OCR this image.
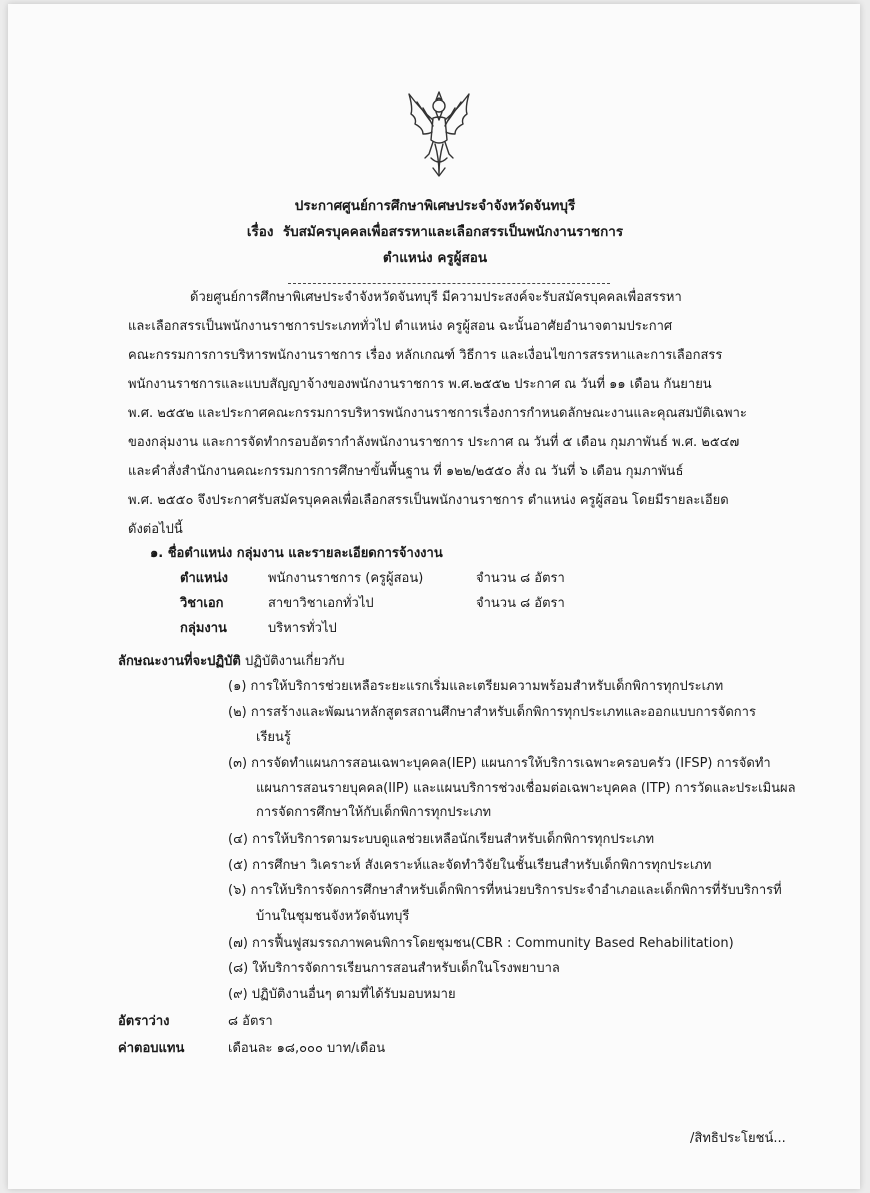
ประกาศศูนย์การศึกษาพิเศษประจำจังหวัดจันทบุรี
เรื่อง รับสมัครบุคคลเพื่อสรรหาและเลือกสรรเป็นพนักงานราชการ
ตำแหน่ง ครูผู้สอน
ด้วยศูนย์การศึกษาพิเศษประจำจังหวัดจันทบุรี มีความประสงค์จะรับสมัครบุคคลเพื่อสรรหา
และเลือกสรรเป็นพนักงานราชการประเภททั่วไป ตำแหน่ง ครูผู้สอน ฉะนั้นอาศัยอำนาจตามประกาศ
คณะกรรมการการบริหารพนักงานราชการ เรื่อง หลักเกณฑ์ วิธีการ และเงื่อนไขการสรรหาและการเลือกสรร
พนักงานราชการและแบบสัญญาจ้างของพนักงานราชการ พ.ศ.๒๕๕๒ ประกาศ ณ วันที่ ๑๑ เดือน กันยายน
พ.ศ. ๒๕๕๒ และประกาศคณะกรรมการบริหารพนักงานราชการเรื่องการกำหนดลักษณะงานและคุณสมบัติเฉพาะ
ของกลุ่มงาน และการจัดทำกรอบอัตรากำลังพนักงานราชการ ประกาศ ณ วันที่ ๕ เดือน กุมภาพันธ์ พ.ศ. ๒๕๔๗
และคำสั่งสำนักงานคณะกรรมการการศึกษาขั้นพื้นฐาน ที่ ๑๒๒/๒๕๕๐ สั่ง ณ วันที่ ๖ เดือน กุมภาพันธ์
พ.ศ. ๒๕๕๐ จึงประกาศรับสมัครบุคคลเพื่อเลือกสรรเป็นพนักงานราชการ ตำแหน่ง ครูผู้สอน โดยมีรายละเอียด
ดังต่อไปนี้
๑. ชื่อตำแหน่ง กลุ่มงาน และรายละเอียดการจ้างงาน
ตำแหน่ง	พนักงานราชการ (ครูผู้สอน)	จำนวน ๘ อัตรา
วิชาเอก	สาขาวิชาเอกทั่วไป	จำนวน ๘ อัตรา
กลุ่มงาน	บริหารทั่วไป
ลักษณะงานที่จะปฏิบัติ ปฏิบัติงานเกี่ยวกับ
(๑) การให้บริการช่วยเหลือระยะแรกเริ่มและเตรียมความพร้อมสำหรับเด็กพิการทุกประเภท
(๒) การสร้างและพัฒนาหลักสูตรสถานศึกษาสำหรับเด็กพิการทุกประเภทและออกแบบการจัดการ
เรียนรู้
(๓) การจัดทำแผนการสอนเฉพาะบุคคล(IEP) แผนการให้บริการเฉพาะครอบครัว (IFSP) การจัดทำ
แผนการสอนรายบุคคล(IIP) และแผนบริการช่วงเชื่อมต่อเฉพาะบุคคล (ITP) การวัดและประเมินผล
การจัดการศึกษาให้กับเด็กพิการทุกประเภท
(๔) การให้บริการตามระบบดูแลช่วยเหลือนักเรียนสำหรับเด็กพิการทุกประเภท
(๕) การศึกษา วิเคราะห์ สังเคราะห์และจัดทำวิจัยในชั้นเรียนสำหรับเด็กพิการทุกประเภท
(๖) การให้บริการจัดการศึกษาสำหรับเด็กพิการที่หน่วยบริการประจำอำเภอและเด็กพิการที่รับบริการที่
บ้านในชุมชนจังหวัดจันทบุรี
(๗) การฟื้นฟูสมรรถภาพคนพิการโดยชุมชน(CBR : Community Based Rehabilitation)
(๘) ให้บริการจัดการเรียนการสอนสำหรับเด็กในโรงพยาบาล
(๙) ปฏิบัติงานอื่นๆ ตามที่ได้รับมอบหมาย
อัตราว่าง	๘ อัตรา
ค่าตอบแทน	เดือนละ ๑๘,๐๐๐ บาท/เดือน
/สิทธิประโยชน์...
